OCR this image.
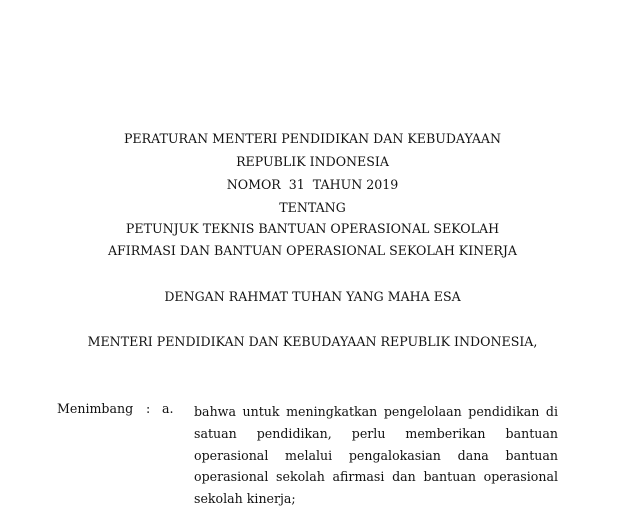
PERATURAN MENTERI PENDIDIKAN DAN KEBUDAYAAN
REPUBLIK INDONESIA
NOMOR  31  TAHUN 2019
TENTANG
PETUNJUK TEKNIS BANTUAN OPERASIONAL SEKOLAH
AFIRMASI DAN BANTUAN OPERASIONAL SEKOLAH KINERJA
DENGAN RAHMAT TUHAN YANG MAHA ESA
MENTERI PENDIDIKAN DAN KEBUDAYAAN REPUBLIK INDONESIA,
Menimbang : a. bahwa untuk meningkatkan pengelolaan pendidikan di
satuan pendidikan, perlu memberikan bantuan
operasional melalui pengalokasian dana bantuan
operasional sekolah afirmasi dan bantuan operasional
sekolah kinerja;
